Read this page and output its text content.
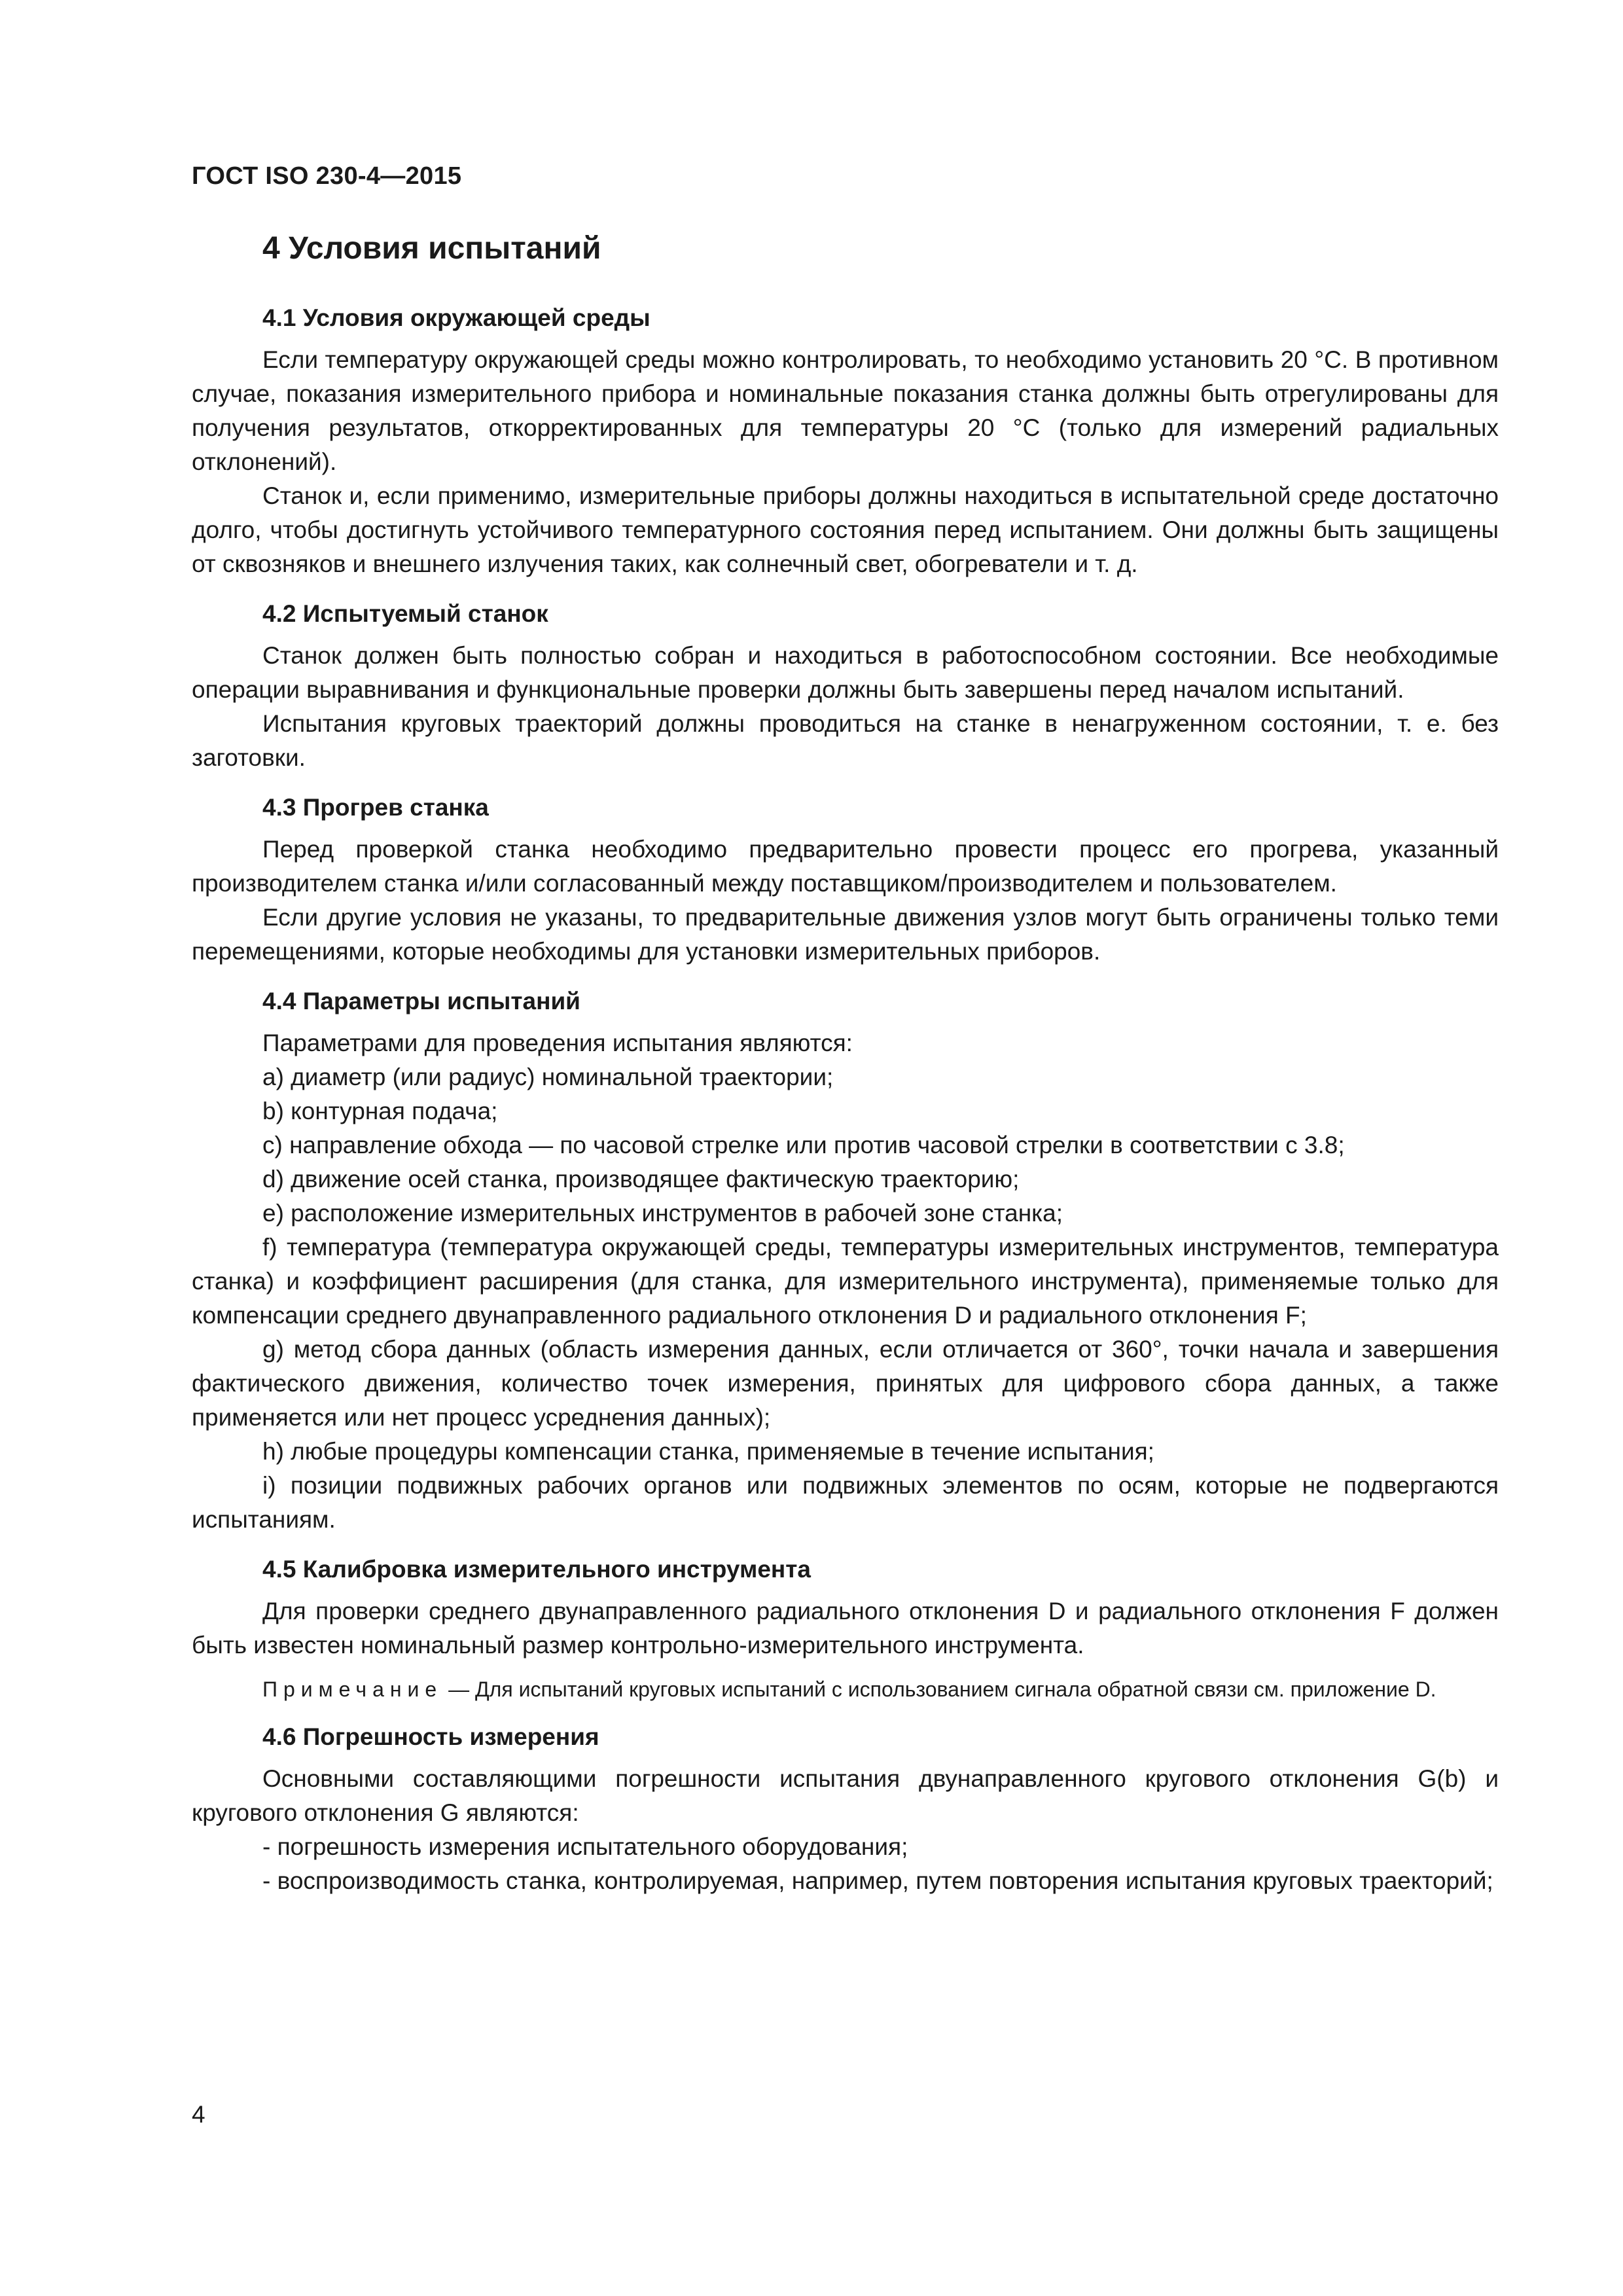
ГОСТ ISO 230-4—2015
4 Условия испытаний
4.1 Условия окружающей среды

Если температуру окружающей среды можно контролировать, то необходимо установить 20 °С. В противном случае, показания измерительного прибора и номинальные показания станка должны быть отрегулированы для получения результатов, откорректированных для температуры 20 °С (только для измерений радиальных отклонений).

Станок и, если применимо, измерительные приборы должны находиться в испытательной среде достаточно долго, чтобы достигнуть устойчивого температурного состояния перед испытанием. Они должны быть защищены от сквозняков и внешнего излучения таких, как солнечный свет, обогреватели и т. д.

4.2 Испытуемый станок

Станок должен быть полностью собран и находиться в работоспособном состоянии. Все необходимые операции выравнивания и функциональные проверки должны быть завершены перед началом испытаний.

Испытания круговых траекторий должны проводиться на станке в ненагруженном состоянии, т. е. без заготовки.

4.3 Прогрев станка

Перед проверкой станка необходимо предварительно провести процесс его прогрева, указанный производителем станка и/или согласованный между поставщиком/производителем и пользователем.

Если другие условия не указаны, то предварительные движения узлов могут быть ограничены только теми перемещениями, которые необходимы для установки измерительных приборов.

4.4 Параметры испытаний

Параметрами для проведения испытания являются:

a) диаметр (или радиус) номинальной траектории;

b) контурная подача;

c) направление обхода — по часовой стрелке или против часовой стрелки в соответствии с 3.8;

d) движение осей станка, производящее фактическую траекторию;

e) расположение измерительных инструментов в рабочей зоне станка;

f) температура (температура окружающей среды, температуры измерительных инструментов, температура станка) и коэффициент расширения (для станка, для измерительного инструмента), применяемые только для компенсации среднего двунаправленного радиального отклонения D и радиального отклонения F;

g) метод сбора данных (область измерения данных, если отличается от 360°, точки начала и завершения фактического движения, количество точек измерения, принятых для цифрового сбора данных, а также применяется или нет процесс усреднения данных);

h) любые процедуры компенсации станка, применяемые в течение испытания;

i) позиции подвижных рабочих органов или подвижных элементов по осям, которые не подвергаются испытаниям.

4.5 Калибровка измерительного инструмента

Для проверки среднего двунаправленного радиального отклонения D и радиального отклонения F должен быть известен номинальный размер контрольно-измерительного инструмента.

Примечание — Для испытаний круговых испытаний с использованием сигнала обратной связи см. приложение D.

4.6 Погрешность измерения

Основными составляющими погрешности испытания двунаправленного кругового отклонения G(b) и кругового отклонения G являются:

- погрешность измерения испытательного оборудования;

- воспроизводимость станка, контролируемая, например, путем повторения испытания круговых траекторий;

4
